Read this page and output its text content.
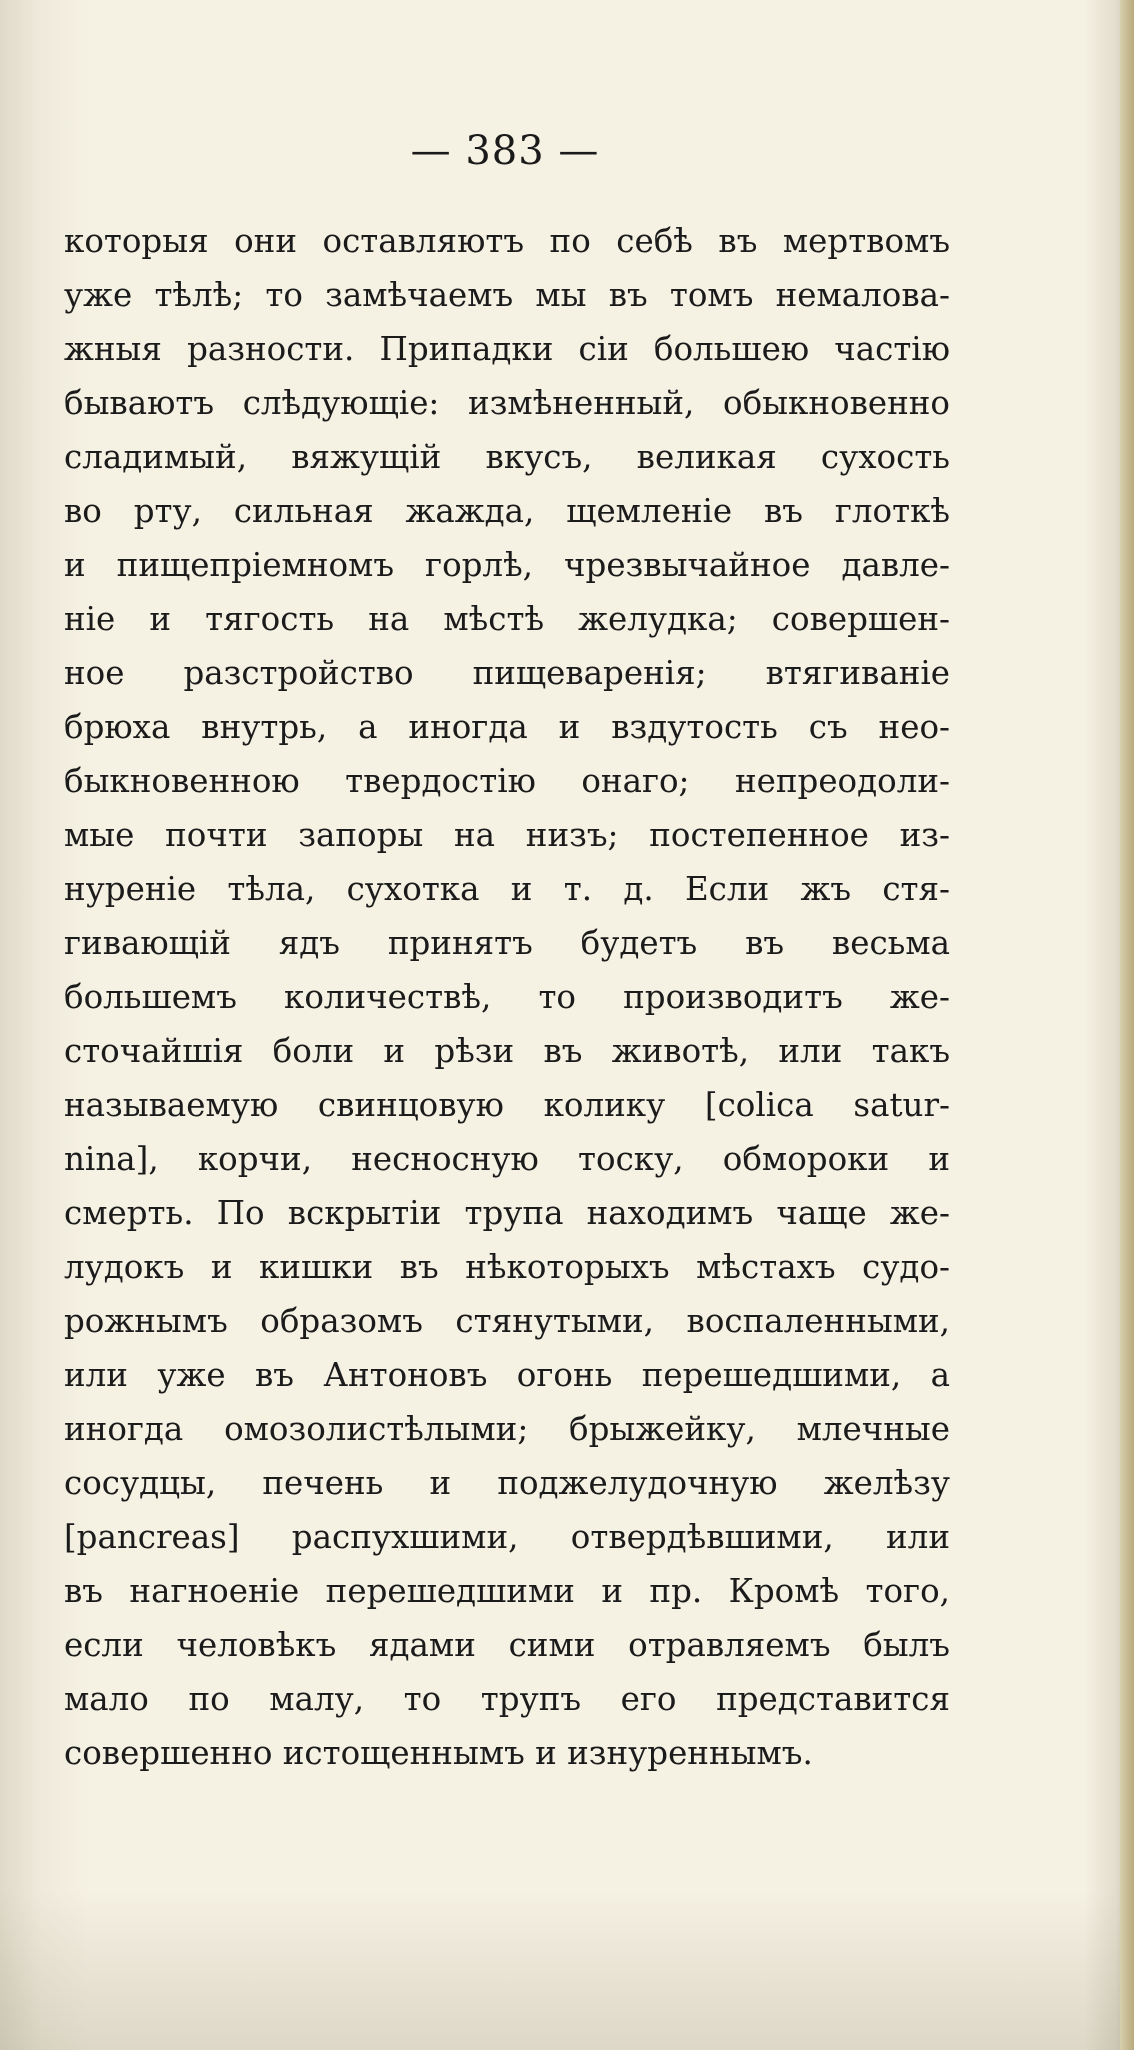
— 383 —
которыя они оставляютъ по себѣ въ мертвомъ
уже тѣлѣ; то замѣчаемъ мы въ томъ немалова-
жныя разности. Припадки сіи большею частію
бываютъ слѣдующіе: измѣненный, обыкновенно
сладимый, вяжущій вкусъ, великая сухость
во рту, сильная жажда, щемленіе въ глоткѣ
и пищепріемномъ горлѣ, чрезвычайное давле-
ніе и тягость на мѣстѣ желудка; совершен-
ное разстройство пищеваренія; втягиваніе
брюха внутрь, а иногда и вздутость съ нео-
быкновенною твердостію онаго; непреодоли-
мые почти запоры на низъ; постепенное из-
нуреніе тѣла, сухотка и т. д. Если жъ стя-
гивающій ядъ принятъ будетъ въ весьма
большемъ количествѣ, то производитъ же-
сточайшія боли и рѣзи въ животѣ, или такъ
называемую свинцовую колику [colica satur-
nina], корчи, несносную тоску, обмороки и
смерть. По вскрытіи трупа находимъ чаще же-
лудокъ и кишки въ нѣкоторыхъ мѣстахъ судо-
рожнымъ образомъ стянутыми, воспаленными,
или уже въ Антоновъ огонь перешедшими, а
иногда омозолистѣлыми; брыжейку, млечные
сосудцы, печень и поджелудочную желѣзу
[pancreas] распухшими, отвердѣвшими, или
въ нагноеніе перешедшими и пр. Кромѣ того,
если человѣкъ ядами сими отравляемъ былъ
мало по малу, то трупъ его представится
совершенно истощеннымъ и изнуреннымъ.
